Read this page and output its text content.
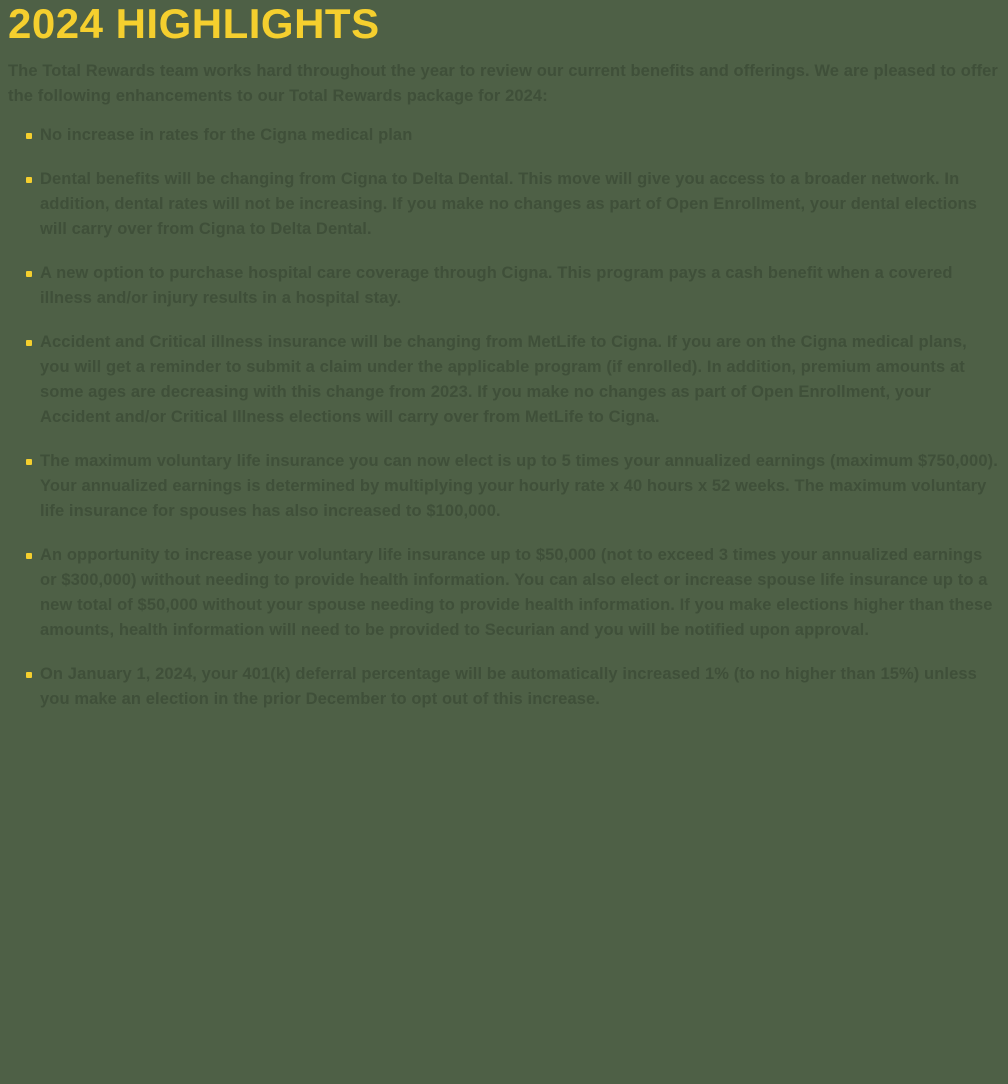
2024 HIGHLIGHTS

The Total Rewards team works hard throughout the year to review our current benefits and offerings. We are pleased to offer the following enhancements to our Total Rewards package for 2024:

No increase in rates for the Cigna medical plan
Dental benefits will be changing from Cigna to Delta Dental. This move will give you access to a broader network. In addition, dental rates will not be increasing. If you make no changes as part of Open Enrollment, your dental elections will carry over from Cigna to Delta Dental.
A new option to purchase hospital care coverage through Cigna. This program pays a cash benefit when a covered illness and/or injury results in a hospital stay.
Accident and Critical illness insurance will be changing from MetLife to Cigna. If you are on the Cigna medical plans, you will get a reminder to submit a claim under the applicable program (if enrolled). In addition, premium amounts at some ages are decreasing with this change from 2023. If you make no changes as part of Open Enrollment, your Accident and/or Critical Illness elections will carry over from MetLife to Cigna.
The maximum voluntary life insurance you can now elect is up to 5 times your annualized earnings (maximum $750,000). Your annualized earnings is determined by multiplying your hourly rate x 40 hours x 52 weeks. The maximum voluntary life insurance for spouses has also increased to $100,000.
An opportunity to increase your voluntary life insurance up to $50,000 (not to exceed 3 times your annualized earnings or $300,000) without needing to provide health information. You can also elect or increase spouse life insurance up to a new total of $50,000 without your spouse needing to provide health information. If you make elections higher than these amounts, health information will need to be provided to Securian and you will be notified upon approval.
On January 1, 2024, your 401(k) deferral percentage will be automatically increased 1% (to no higher than 15%) unless you make an election in the prior December to opt out of this increase.
